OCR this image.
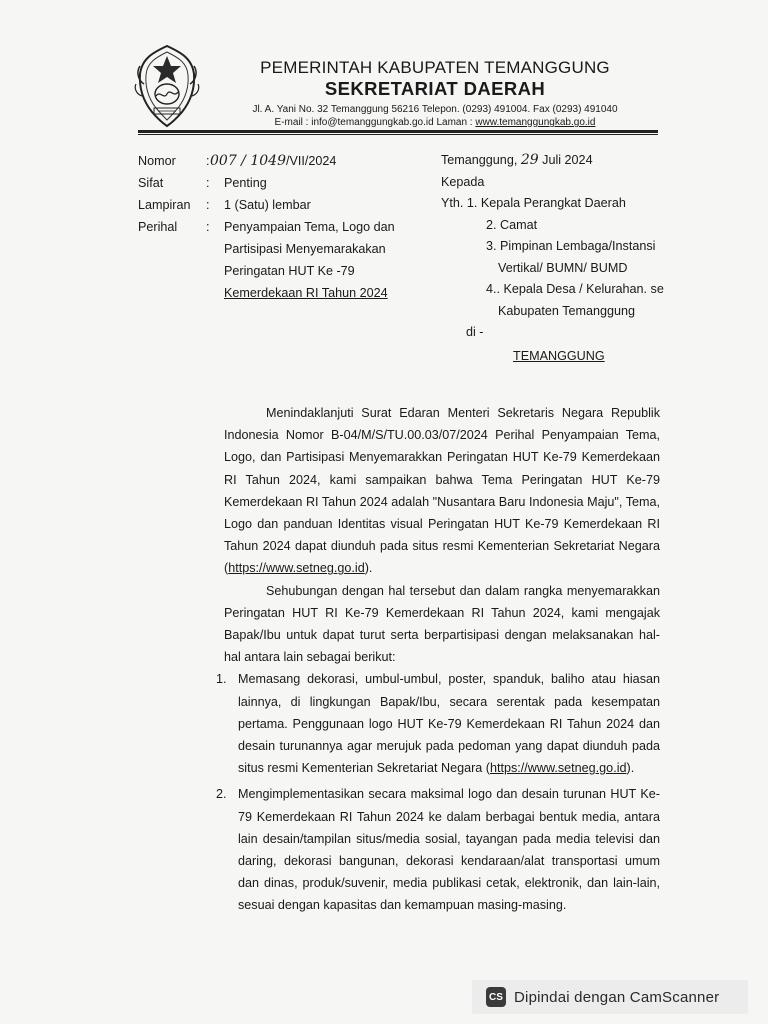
PEMERINTAH KABUPATEN TEMANGGUNG
SEKRETARIAT DAERAH
Jl. A. Yani No. 32 Temanggung 56216 Telepon. (0293) 491004. Fax (0293) 491040
E-mail : info@temanggungkab.go.id Laman : www.temanggungkab.go.id
Nomor : 007 / 1049/VII/2024
Sifat	: Penting
Lampiran : 1 (Satu) lembar
Perihal : Penyampaian Tema, Logo dan
Partisipasi Menyemarakakan
Peringatan HUT Ke -79
Kemerdekaan RI Tahun 2024
Temanggung, 29 Juli 2024
Kepada
Yth. 1. Kepala Perangkat Daerah
2. Camat
3. Pimpinan Lembaga/Instansi
Vertikal/ BUMN/ BUMD
4.. Kepala Desa / Kelurahan. se
Kabupaten Temanggung
di -
TEMANGGUNG

Menindaklanjuti Surat Edaran Menteri Sekretaris Negara Republik Indonesia Nomor B-04/M/S/TU.00.03/07/2024 Perihal Penyampaian Tema, Logo, dan Partisipasi Menyemarakkan Peringatan HUT Ke-79 Kemerdekaan RI Tahun 2024, kami sampaikan bahwa Tema Peringatan HUT Ke-79 Kemerdekaan RI Tahun 2024 adalah "Nusantara Baru Indonesia Maju", Tema, Logo dan panduan Identitas visual Peringatan HUT Ke-79 Kemerdekaan RI Tahun 2024 dapat diunduh pada situs resmi Kementerian Sekretariat Negara (https://www.setneg.go.id).

Sehubungan dengan hal tersebut dan dalam rangka menyemarakkan Peringatan HUT RI Ke-79 Kemerdekaan RI Tahun 2024, kami mengajak Bapak/Ibu untuk dapat turut serta berpartisipasi dengan melaksanakan hal-hal antara lain sebagai berikut:

1. Memasang dekorasi, umbul-umbul, poster, spanduk, baliho atau hiasan lainnya, di lingkungan Bapak/Ibu, secara serentak pada kesempatan pertama. Penggunaan logo HUT Ke-79 Kemerdekaan RI Tahun 2024 dan desain turunannya agar merujuk pada pedoman yang dapat diunduh pada situs resmi Kementerian Sekretariat Negara (https://www.setneg.go.id).
2. Mengimplementasikan secara maksimal logo dan desain turunan HUT Ke-79 Kemerdekaan RI Tahun 2024 ke dalam berbagai bentuk media, antara lain desain/tampilan situs/media sosial, tayangan pada media televisi dan daring, dekorasi bangunan, dekorasi kendaraan/alat transportasi umum dan dinas, produk/suvenir, media publikasi cetak, elektronik, dan lain-lain, sesuai dengan kapasitas dan kemampuan masing-masing.
CS Dipindai dengan CamScanner
